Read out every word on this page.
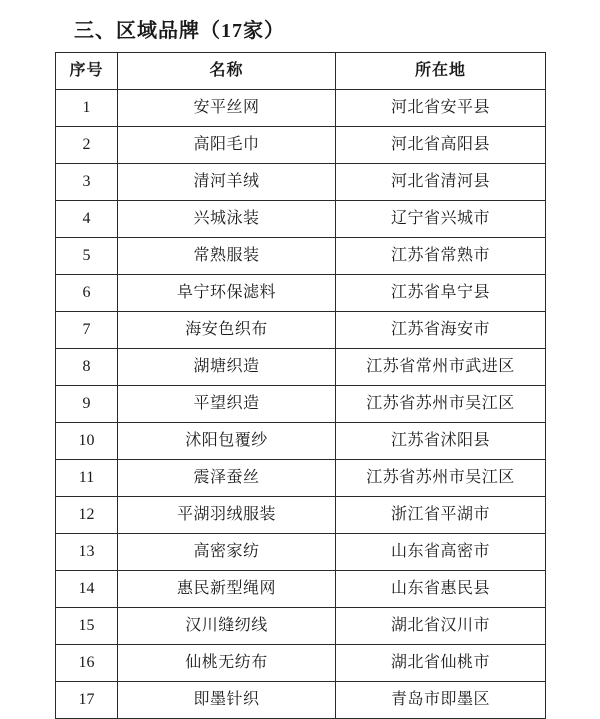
三、区域品牌（17家）
序号	名称	所在地
1	安平丝网	河北省安平县
2	高阳毛巾	河北省高阳县
3	清河羊绒	河北省清河县
4	兴城泳装	辽宁省兴城市
5	常熟服装	江苏省常熟市
6	阜宁环保滤料	江苏省阜宁县
7	海安色织布	江苏省海安市
8	湖塘织造	江苏省常州市武进区
9	平望织造	江苏省苏州市吴江区
10	沭阳包覆纱	江苏省沭阳县
11	震泽蚕丝	江苏省苏州市吴江区
12	平湖羽绒服装	浙江省平湖市
13	高密家纺	山东省高密市
14	惠民新型绳网	山东省惠民县
15	汉川缝纫线	湖北省汉川市
16	仙桃无纺布	湖北省仙桃市
17	即墨针织	青岛市即墨区
